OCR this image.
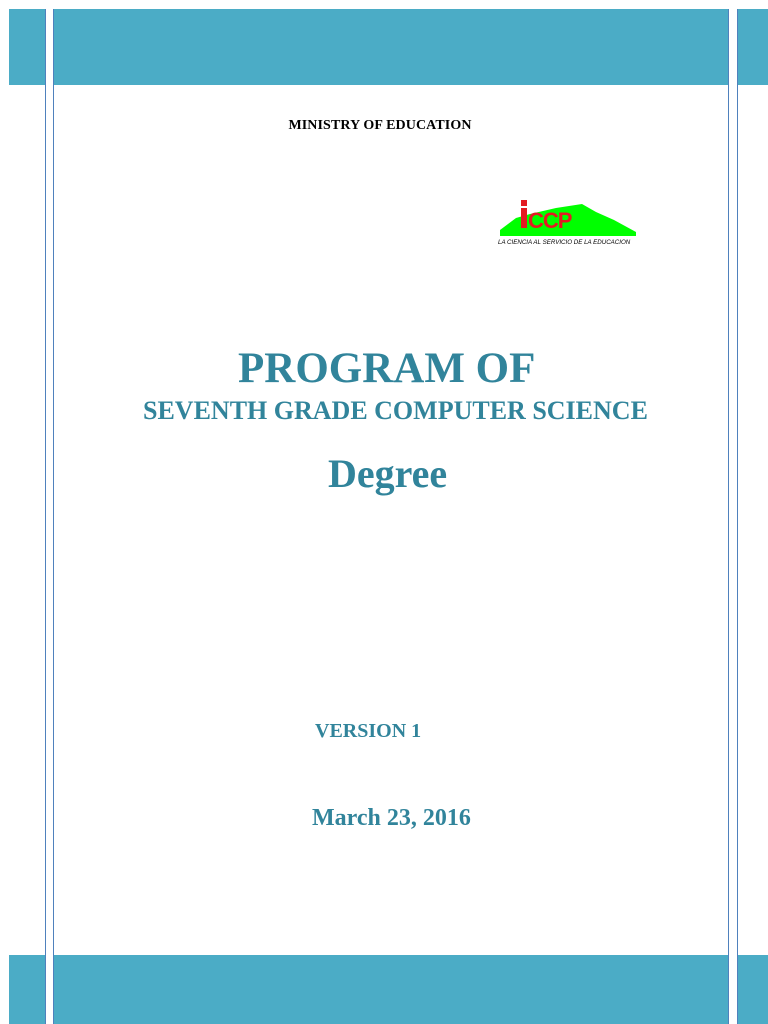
MINISTRY OF EDUCATION
CCP
LA CIENCIA AL SERVICIO DE LA EDUCACION
PROGRAM OF
SEVENTH GRADE COMPUTER SCIENCE
Degree
VERSION 1
March 23, 2016
